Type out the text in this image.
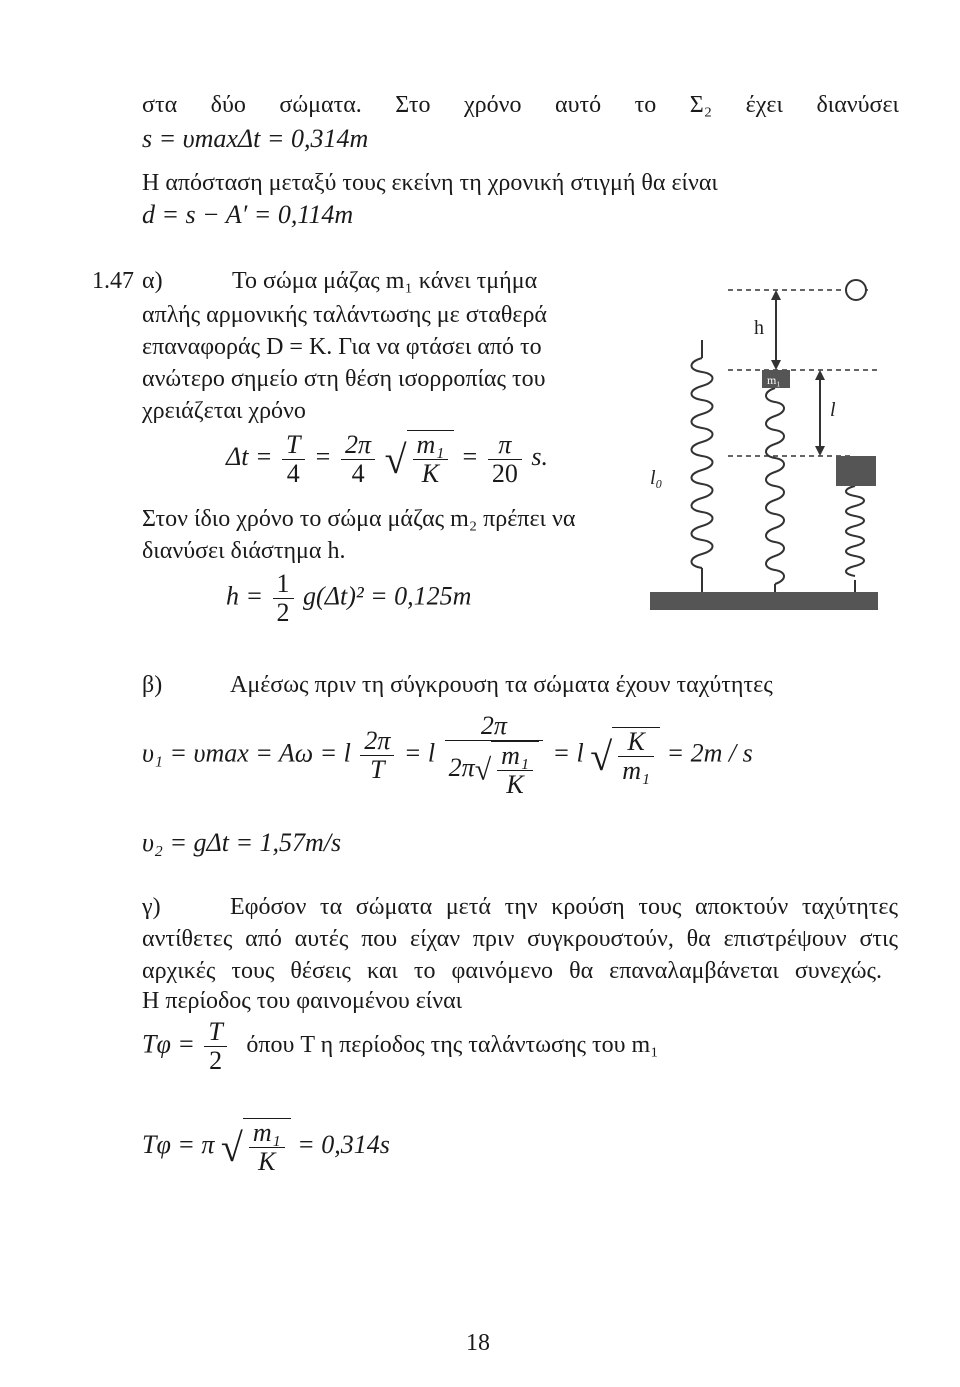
στα δύο σώματα. Στο χρόνο αυτό το Σ₂ έχει διανύσει
s = υmaxΔt = 0,314m
Η απόσταση μεταξύ τους εκείνη τη χρονική στιγμή θα είναι
d = s − A′ = 0,114m
1.47 α)	Το σώμα μάζας m₁ κάνει τμήμα
απλής αρμονικής ταλάντωσης με σταθερά
επαναφοράς D = K. Για να φτάσει από το
ανώτερο σημείο στη θέση ισορροπίας του
χρειάζεται χρόνο
$\Delta t = \frac{T}{4} = \frac{2\pi}{4}$ √ $\frac{\text{m₁}}{K} = \frac{\pi}{20} s$.
Στον ίδιο χρόνο το σώμα μάζας m₂ πρέπει να
διανύσει διάστημα h.
$h = \frac{1}{2} g(\Delta t)^2 = 0,125m$
m₁
h
l
l₀
β)	Αμέσως πριν τη σύγκρουση τα σώματα έχουν ταχύτητες
υ₁ = υmax = Aω = l $\frac{2\pi}{T} = l \frac{2\pi}{2\pi√ \frac{\text{m₁}}{K}} = l$ √ $\frac{K}{\text{m₁}} = 2m / s$
υ₂ = gΔt = 1,57m/s
γ)	Εφόσον τα σώματα μετά την κρούση τους αποκτούν ταχύτητες
αντίθετες από αυτές που είχαν πριν συγκρουστούν, θα επιστρέψουν στις
αρχικές τους θέσεις και το φαινόμενο θα επαναλαμβάνεται συνεχώς.
Η περίοδος του φαινομένου είναι
$T\varphi = \frac{T}{2}$ όπου T η περίοδος της ταλάντωσης του m₁
Tφ = π √ $\frac{\text{m₁}}{K} = 0,314s$
18
